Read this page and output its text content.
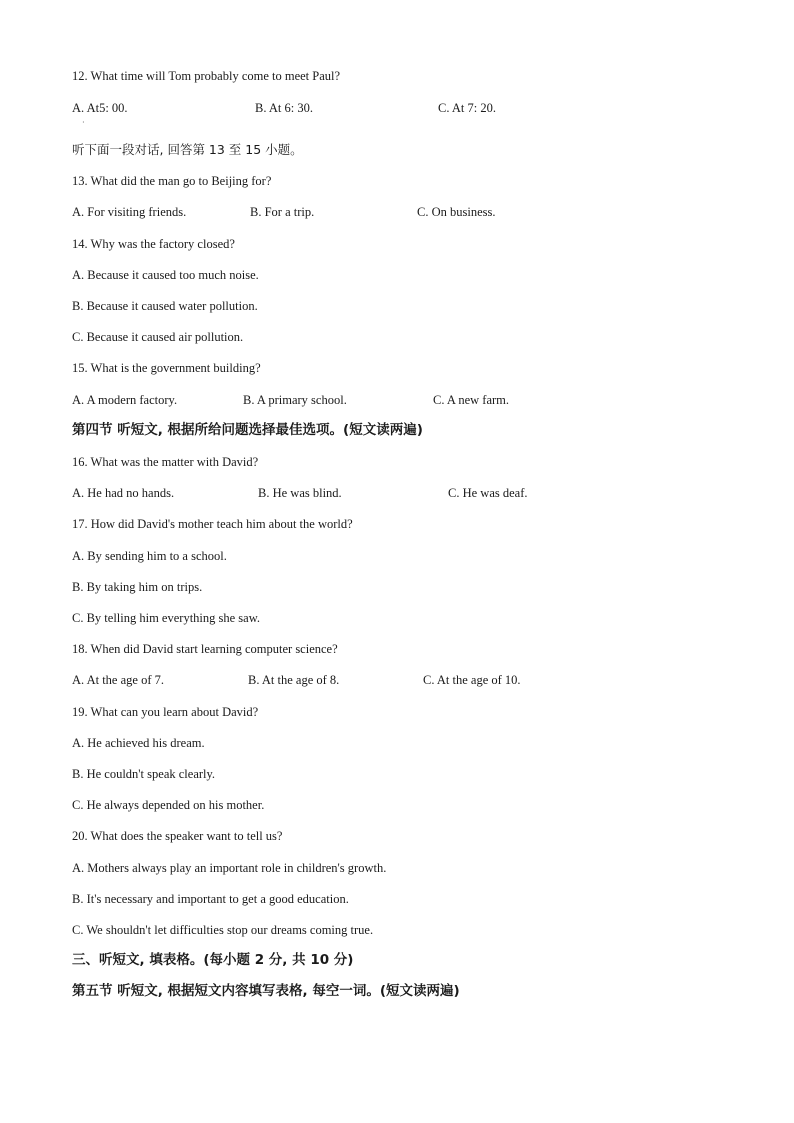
12. What time will Tom probably come to meet Paul?
A. At5: 00.	B. At 6: 30.	C. At 7: 20.
·
听下面一段对话, 回答第 13 至 15 小题。
13. What did the man go to Beijing for?
A. For visiting friends.	B. For a trip.	C. On business.
14. Why was the factory closed?
A. Because it caused too much noise.
B. Because it caused water pollution.
C. Because it caused air pollution.
15. What is the government building?
A. A modern factory.	B. A primary school.	C. A new farm.
第四节 听短文, 根据所给问题选择最佳选项。(短文读两遍)
16. What was the matter with David?
A. He had no hands.	B. He was blind.	C. He was deaf.
17. How did David's mother teach him about the world?
A. By sending him to a school.
B. By taking him on trips.
C. By telling him everything she saw.
18. When did David start learning computer science?
A. At the age of 7.	B. At the age of 8.	C. At the age of 10.
19. What can you learn about David?
A. He achieved his dream.
B. He couldn't speak clearly.
C. He always depended on his mother.
20. What does the speaker want to tell us?
A. Mothers always play an important role in children's growth.
B. It's necessary and important to get a good education.
C. We shouldn't let difficulties stop our dreams coming true.
三、听短文, 填表格。(每小题 2 分, 共 10 分)
第五节 听短文, 根据短文内容填写表格, 每空一词。(短文读两遍)
